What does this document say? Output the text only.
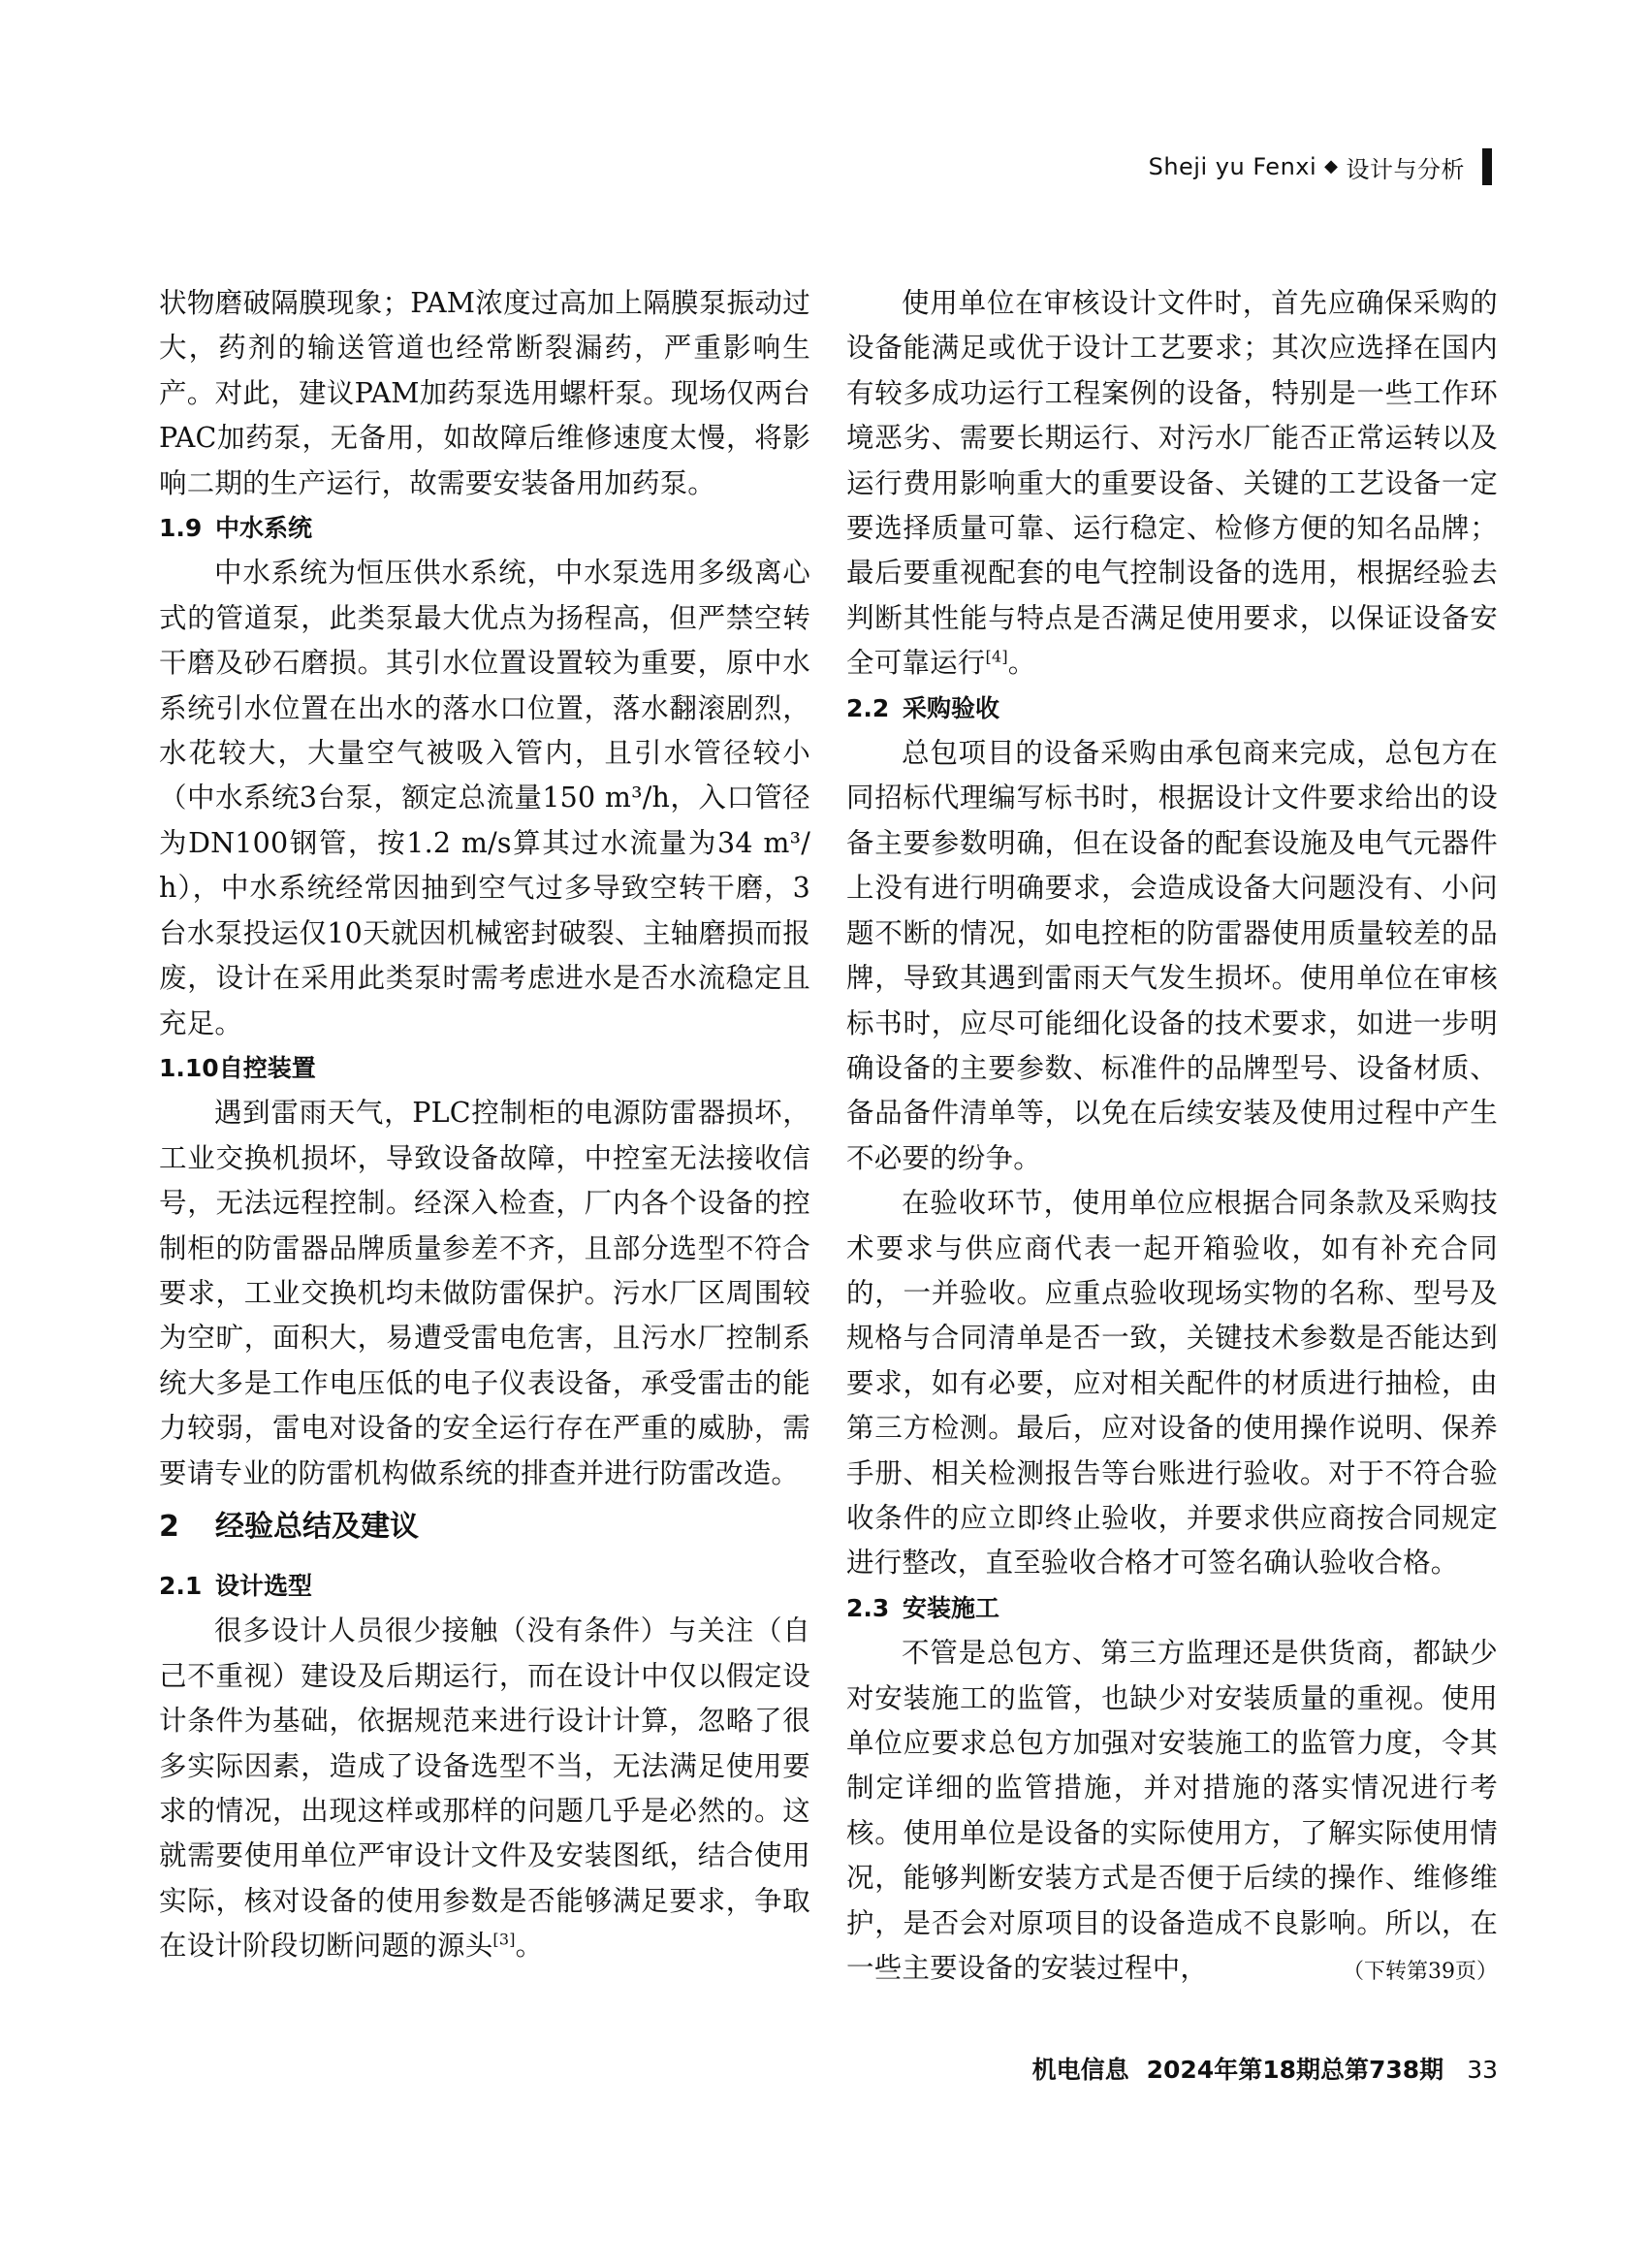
Sheji yu Fenxi ◆ 设计与分析

状物磨破隔膜现象；PAM浓度过高加上隔膜泵振动过大，药剂的输送管道也经常断裂漏药，严重影响生产。对此，建议PAM加药泵选用螺杆泵。现场仅两台PAC加药泵，无备用，如故障后维修速度太慢，将影响二期的生产运行，故需要安装备用加药泵。

1.9 中水系统

中水系统为恒压供水系统，中水泵选用多级离心式的管道泵，此类泵最大优点为扬程高，但严禁空转干磨及砂石磨损。其引水位置设置较为重要，原中水系统引水位置在出水的落水口位置，落水翻滚剧烈，水花较大，大量空气被吸入管内，且引水管径较小（中水系统3台泵，额定总流量150 m³/h，入口管径为DN100钢管，按1.2 m/s算其过水流量为34 m³/h），中水系统经常因抽到空气过多导致空转干磨，3台水泵投运仅10天就因机械密封破裂、主轴磨损而报废，设计在采用此类泵时需考虑进水是否水流稳定且充足。

1.10自控装置

遇到雷雨天气，PLC控制柜的电源防雷器损坏，工业交换机损坏，导致设备故障，中控室无法接收信号，无法远程控制。经深入检查，厂内各个设备的控制柜的防雷器品牌质量参差不齐，且部分选型不符合要求，工业交换机均未做防雷保护。污水厂区周围较为空旷，面积大，易遭受雷电危害，且污水厂控制系统大多是工作电压低的电子仪表设备，承受雷击的能力较弱，雷电对设备的安全运行存在严重的威胁，需要请专业的防雷机构做系统的排查并进行防雷改造。

2 经验总结及建议
2.1 设计选型

很多设计人员很少接触（没有条件）与关注（自己不重视）建设及后期运行，而在设计中仅以假定设计条件为基础，依据规范来进行设计计算，忽略了很多实际因素，造成了设备选型不当，无法满足使用要求的情况，出现这样或那样的问题几乎是必然的。这就需要使用单位严审设计文件及安装图纸，结合使用实际，核对设备的使用参数是否能够满足要求，争取在设计阶段切断问题的源头[3]。

使用单位在审核设计文件时，首先应确保采购的设备能满足或优于设计工艺要求；其次应选择在国内有较多成功运行工程案例的设备，特别是一些工作环境恶劣、需要长期运行、对污水厂能否正常运转以及运行费用影响重大的重要设备、关键的工艺设备一定要选择质量可靠、运行稳定、检修方便的知名品牌；最后要重视配套的电气控制设备的选用，根据经验去判断其性能与特点是否满足使用要求，以保证设备安全可靠运行[4]。

2.2 采购验收

总包项目的设备采购由承包商来完成，总包方在同招标代理编写标书时，根据设计文件要求给出的设备主要参数明确，但在设备的配套设施及电气元器件上没有进行明确要求，会造成设备大问题没有、小问题不断的情况，如电控柜的防雷器使用质量较差的品牌，导致其遇到雷雨天气发生损坏。使用单位在审核标书时，应尽可能细化设备的技术要求，如进一步明确设备的主要参数、标准件的品牌型号、设备材质、备品备件清单等，以免在后续安装及使用过程中产生不必要的纷争。

在验收环节，使用单位应根据合同条款及采购技术要求与供应商代表一起开箱验收，如有补充合同的，一并验收。应重点验收现场实物的名称、型号及规格与合同清单是否一致，关键技术参数是否能达到要求，如有必要，应对相关配件的材质进行抽检，由第三方检测。最后，应对设备的使用操作说明、保养手册、相关检测报告等台账进行验收。对于不符合验收条件的应立即终止验收，并要求供应商按合同规定进行整改，直至验收合格才可签名确认验收合格。

2.3 安装施工

不管是总包方、第三方监理还是供货商，都缺少对安装施工的监管，也缺少对安装质量的重视。使用单位应要求总包方加强对安装施工的监管力度，令其制定详细的监管措施，并对措施的落实情况进行考核。使用单位是设备的实际使用方，了解实际使用情况，能够判断安装方式是否便于后续的操作、维修维护，是否会对原项目的设备造成不良影响。所以，在一些主要设备的安装过程中，	（下转第39页）

机电信息 2024年第18期总第738期 33
